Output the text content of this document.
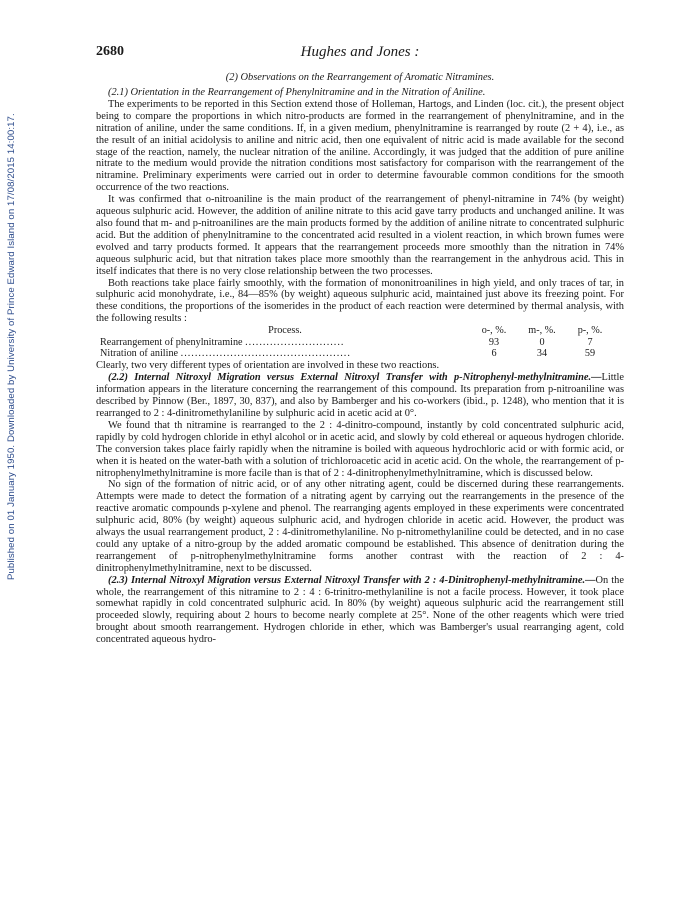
Published on 01 January 1950. Downloaded by University of Prince Edward Island on 17/08/2015 14:00:17.
2680	Hughes and Jones :
(2) Observations on the Rearrangement of Aromatic Nitramines.

(2.1) Orientation in the Rearrangement of Phenylnitramine and in the Nitration of Aniline.

The experiments to be reported in this Section extend those of Holleman, Hartogs, and Linden (loc. cit.), the present object being to compare the proportions in which nitro-products are formed in the rearrangement of phenylnitramine, and in the nitration of aniline, under the same conditions. If, in a given medium, phenylnitramine is rearranged by route (2 + 4), i.e., as the result of an initial acidolysis to aniline and nitric acid, then one equivalent of nitric acid is made available for the second stage of the reaction, namely, the nuclear nitration of the aniline. Accordingly, it was judged that the addition of pure aniline nitrate to the medium would provide the nitration conditions most satisfactory for comparison with the rearrangement of the nitramine. Preliminary experiments were carried out in order to determine favourable common conditions for the smooth occurrence of the two reactions.

It was confirmed that o-nitroaniline is the main product of the rearrangement of phenyl-nitramine in 74% (by weight) aqueous sulphuric acid. However, the addition of aniline nitrate to this acid gave tarry products and unchanged aniline. It was also found that m- and p-nitroanilines are the main products formed by the addition of aniline nitrate to concentrated sulphuric acid. But the addition of phenylnitramine to the concentrated acid resulted in a violent reaction, in which brown fumes were evolved and tarry products formed. It appears that the rearrangement proceeds more smoothly than the nitration in 74% aqueous sulphuric acid, but that nitration takes place more smoothly than the rearrangement in the anhydrous acid. This in itself indicates that there is no very close relationship between the two processes.

Both reactions take place fairly smoothly, with the formation of mononitroanilines in high yield, and only traces of tar, in sulphuric acid monohydrate, i.e., 84—85% (by weight) aqueous sulphuric acid, maintained just above its freezing point. For these conditions, the proportions of the isomerides in the product of each reaction were determined by thermal analysis, with the following results :

Process.	o-, %.	m-, %.	p-, %.
Rearrangement of phenylnitramine ............................	93	0	7
Nitration of aniline ................................................	6	34	59

Clearly, two very different types of orientation are involved in these two reactions.

(2.2) Internal Nitroxyl Migration versus External Nitroxyl Transfer with p-Nitrophenyl-methylnitramine.—Little information appears in the literature concerning the rearrangement of this compound. Its preparation from p-nitroaniline was described by Pinnow (Ber., 1897, 30, 837), and also by Bamberger and his co-workers (ibid., p. 1248), who mention that it is rearranged to 2 : 4-dinitromethylaniline by sulphuric acid in acetic acid at 0°.

We found that th nitramine is rearranged to the 2 : 4-dinitro-compound, instantly by cold concentrated sulphuric acid, rapidly by cold hydrogen chloride in ethyl alcohol or in acetic acid, and slowly by cold ethereal or aqueous hydrogen chloride. The conversion takes place fairly rapidly when the nitramine is boiled with aqueous hydrochloric acid or with formic acid, or when it is heated on the water-bath with a solution of trichloroacetic acid in acetic acid. On the whole, the rearrangement of p-nitrophenylmethylnitramine is more facile than is that of 2 : 4-dinitrophenylmethylnitramine, which is discussed below.

No sign of the formation of nitric acid, or of any other nitrating agent, could be discerned during these rearrangements. Attempts were made to detect the formation of a nitrating agent by carrying out the rearrangements in the presence of the reactive aromatic compounds p-xylene and phenol. The rearranging agents employed in these experiments were concentrated sulphuric acid, 80% (by weight) aqueous sulphuric acid, and hydrogen chloride in acetic acid. However, the product was always the usual rearrangement product, 2 : 4-dinitromethylaniline. No p-nitromethylaniline could be detected, and in no case could any uptake of a nitro-group by the added aromatic compound be established. This absence of denitration during the rearrangement of p-nitrophenylmethylnitramine forms another contrast with the reaction of 2 : 4-dinitrophenylmethylnitramine, next to be discussed.

(2.3) Internal Nitroxyl Migration versus External Nitroxyl Transfer with 2 : 4-Dinitrophenyl-methylnitramine.—On the whole, the rearrangement of this nitramine to 2 : 4 : 6-trinitro-methylaniline is not a facile process. However, it took place somewhat rapidly in cold concentrated sulphuric acid. In 80% (by weight) aqueous sulphuric acid the rearrangement still proceeded slowly, requiring about 2 hours to become nearly complete at 25°. None of the other reagents which were tried brought about smooth rearrangement. Hydrogen chloride in ether, which was Bamberger's usual rearranging agent, cold concentrated aqueous hydro-
